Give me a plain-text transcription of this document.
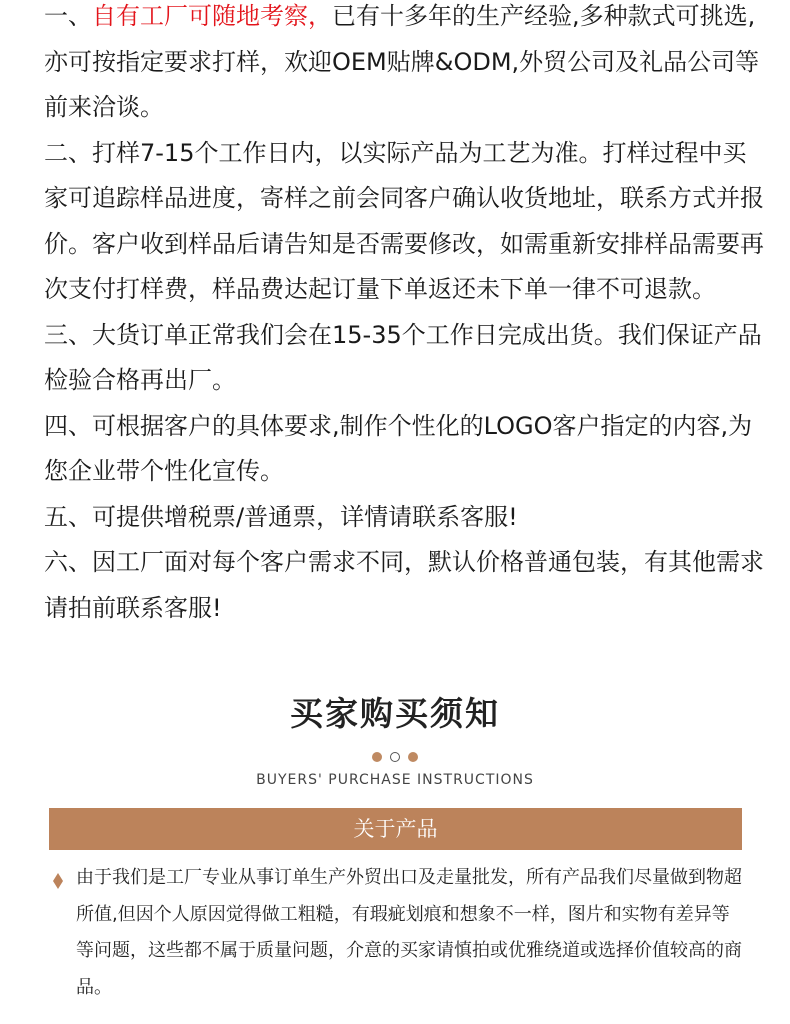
一、自有工厂可随地考察，已有十多年的生产经验,多种款式可挑选,亦可按指定要求打样，欢迎OEM贴牌&ODM,外贸公司及礼品公司等前来洽谈。

二、打样7-15个工作日内，以实际产品为工艺为准。打样过程中买家可追踪样品进度，寄样之前会同客户确认收货地址，联系方式并报价。客户收到样品后请告知是否需要修改，如需重新安排样品需要再次支付打样费，样品费达起订量下单返还未下单一律不可退款。

三、大货订单正常我们会在15-35个工作日完成出货。我们保证产品检验合格再出厂。

四、可根据客户的具体要求,制作个性化的LOGO客户指定的内容,为您企业带个性化宣传。

五、可提供增税票/普通票，详情请联系客服!

六、因工厂面对每个客户需求不同，默认价格普通包装，有其他需求请拍前联系客服!

买家购买须知
BUYERS' PURCHASE INSTRUCTIONS
关于产品

由于我们是工厂专业从事订单生产外贸出口及走量批发，所有产品我们尽量做到物超所值,但因个人原因觉得做工粗糙，有瑕疵划痕和想象不一样，图片和实物有差异等等问题，这些都不属于质量问题，介意的买家请慎拍或优雅绕道或选择价值较高的商品。
